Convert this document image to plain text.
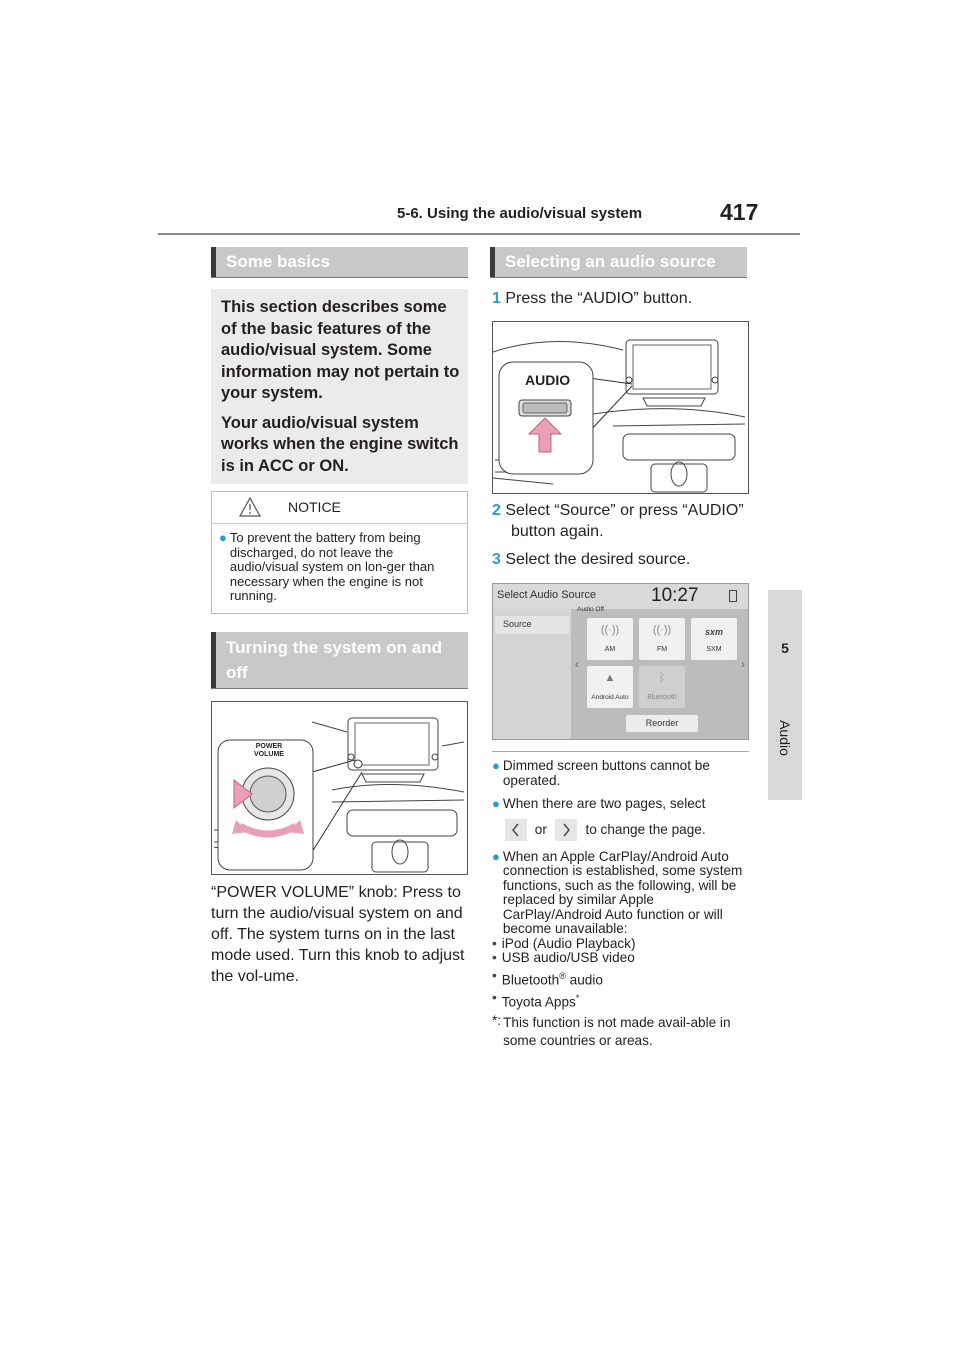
5-6. Using the audio/visual system	417
5
Audio
Some basics

This section describes some of the basic features of the audio/visual system. Some information may not pertain to your system.

Your audio/visual system works when the engine switch is in ACC or ON.

NOTICE
● To prevent the battery from being discharged, do not leave the audio/visual system on lon-ger than necessary when the engine is not running.
Turning the system on and off
POWER
VOLUME
“POWER VOLUME” knob: Press to turn the audio/visual system on and off. The system turns on in the last mode used. Turn this knob to adjust the vol-ume.
Selecting an audio source
1 Press the “AUDIO” button.
AUDIO
2 Select “Source” or press “AUDIO” button again.
3 Select the desired source.
Select Audio Source	10:27
Source
Audio Off
‹	›
((·))
AM
((·))
FM
sxm
SXM
▲
Android Auto
ᛒ
Bluetooth
Reorder
● Dimmed screen buttons cannot be operated.
● When there are two pages, select
or	to change the page.
● When an Apple CarPlay/Android Auto connection is established, some system functions, such as the following, will be replaced by similar Apple CarPlay/Android Auto function or will become unavailable:
• iPod (Audio Playback)
• USB audio/USB video
• Bluetooth® audio
• Toyota Apps*
*: This function is not made avail-able in some countries or areas.
